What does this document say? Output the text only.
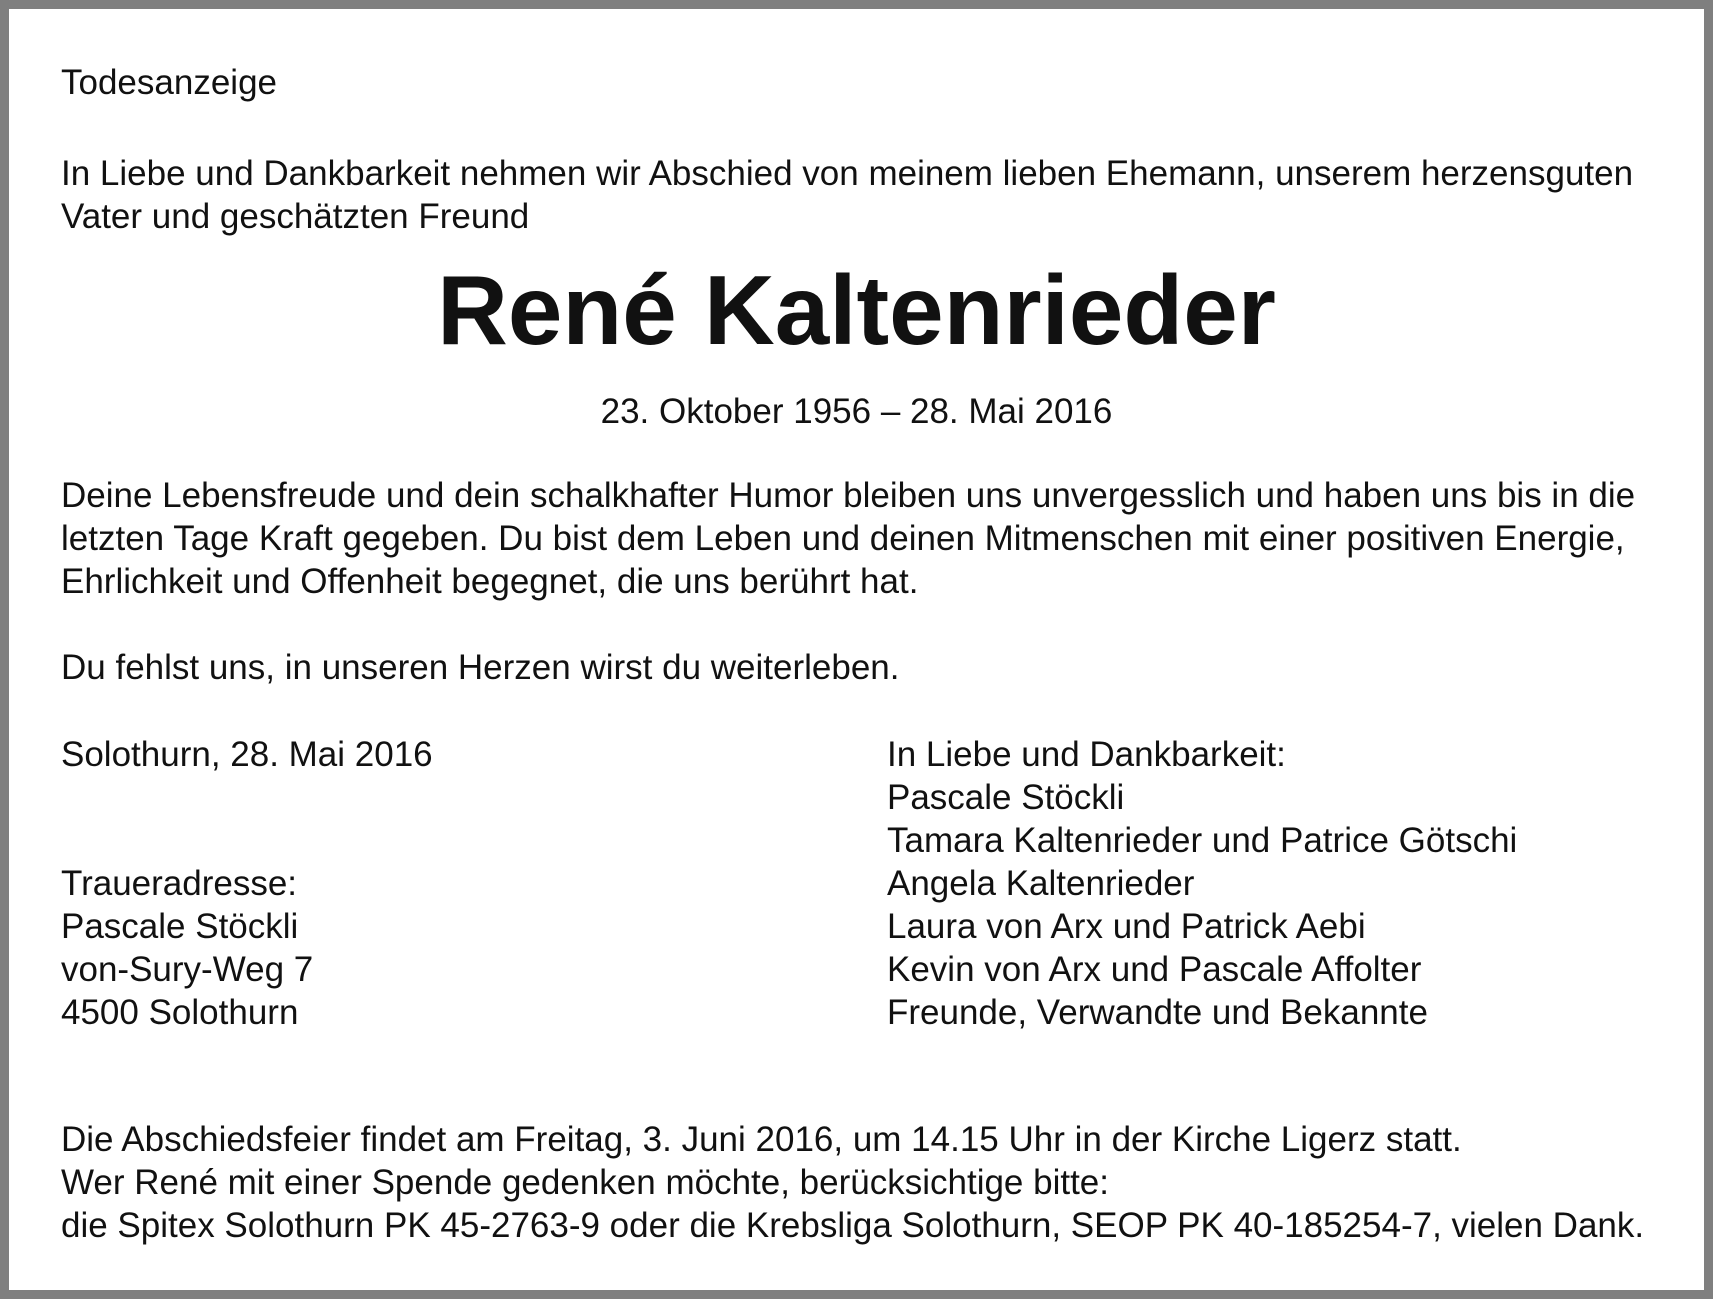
Todesanzeige

In Liebe und Dankbarkeit nehmen wir Abschied von meinem lieben Ehemann, unserem herzensguten
Vater und geschätzten Freund
René Kaltenrieder

23. Oktober 1956 – 28. Mai 2016

Deine Lebensfreude und dein schalkhafter Humor bleiben uns unvergesslich und haben uns bis in die
letzten Tage Kraft gegeben. Du bist dem Leben und deinen Mitmenschen mit einer positiven Energie,
Ehrlichkeit und Offenheit begegnet, die uns berührt hat.

Du fehlst uns, in unseren Herzen wirst du weiterleben.

Solothurn, 28. Mai 2016

Traueradresse:
Pascale Stöckli
von-Sury-Weg 7
4500 Solothurn
In Liebe und Dankbarkeit:
Pascale Stöckli
Tamara Kaltenrieder und Patrice Götschi
Angela Kaltenrieder
Laura von Arx und Patrick Aebi
Kevin von Arx und Pascale Affolter
Freunde, Verwandte und Bekannte
Die Abschiedsfeier findet am Freitag, 3. Juni 2016, um 14.15 Uhr in der Kirche Ligerz statt.
Wer René mit einer Spende gedenken möchte, berücksichtige bitte:
die Spitex Solothurn PK 45-2763-9 oder die Krebsliga Solothurn, SEOP PK 40-185254-7, vielen Dank.
